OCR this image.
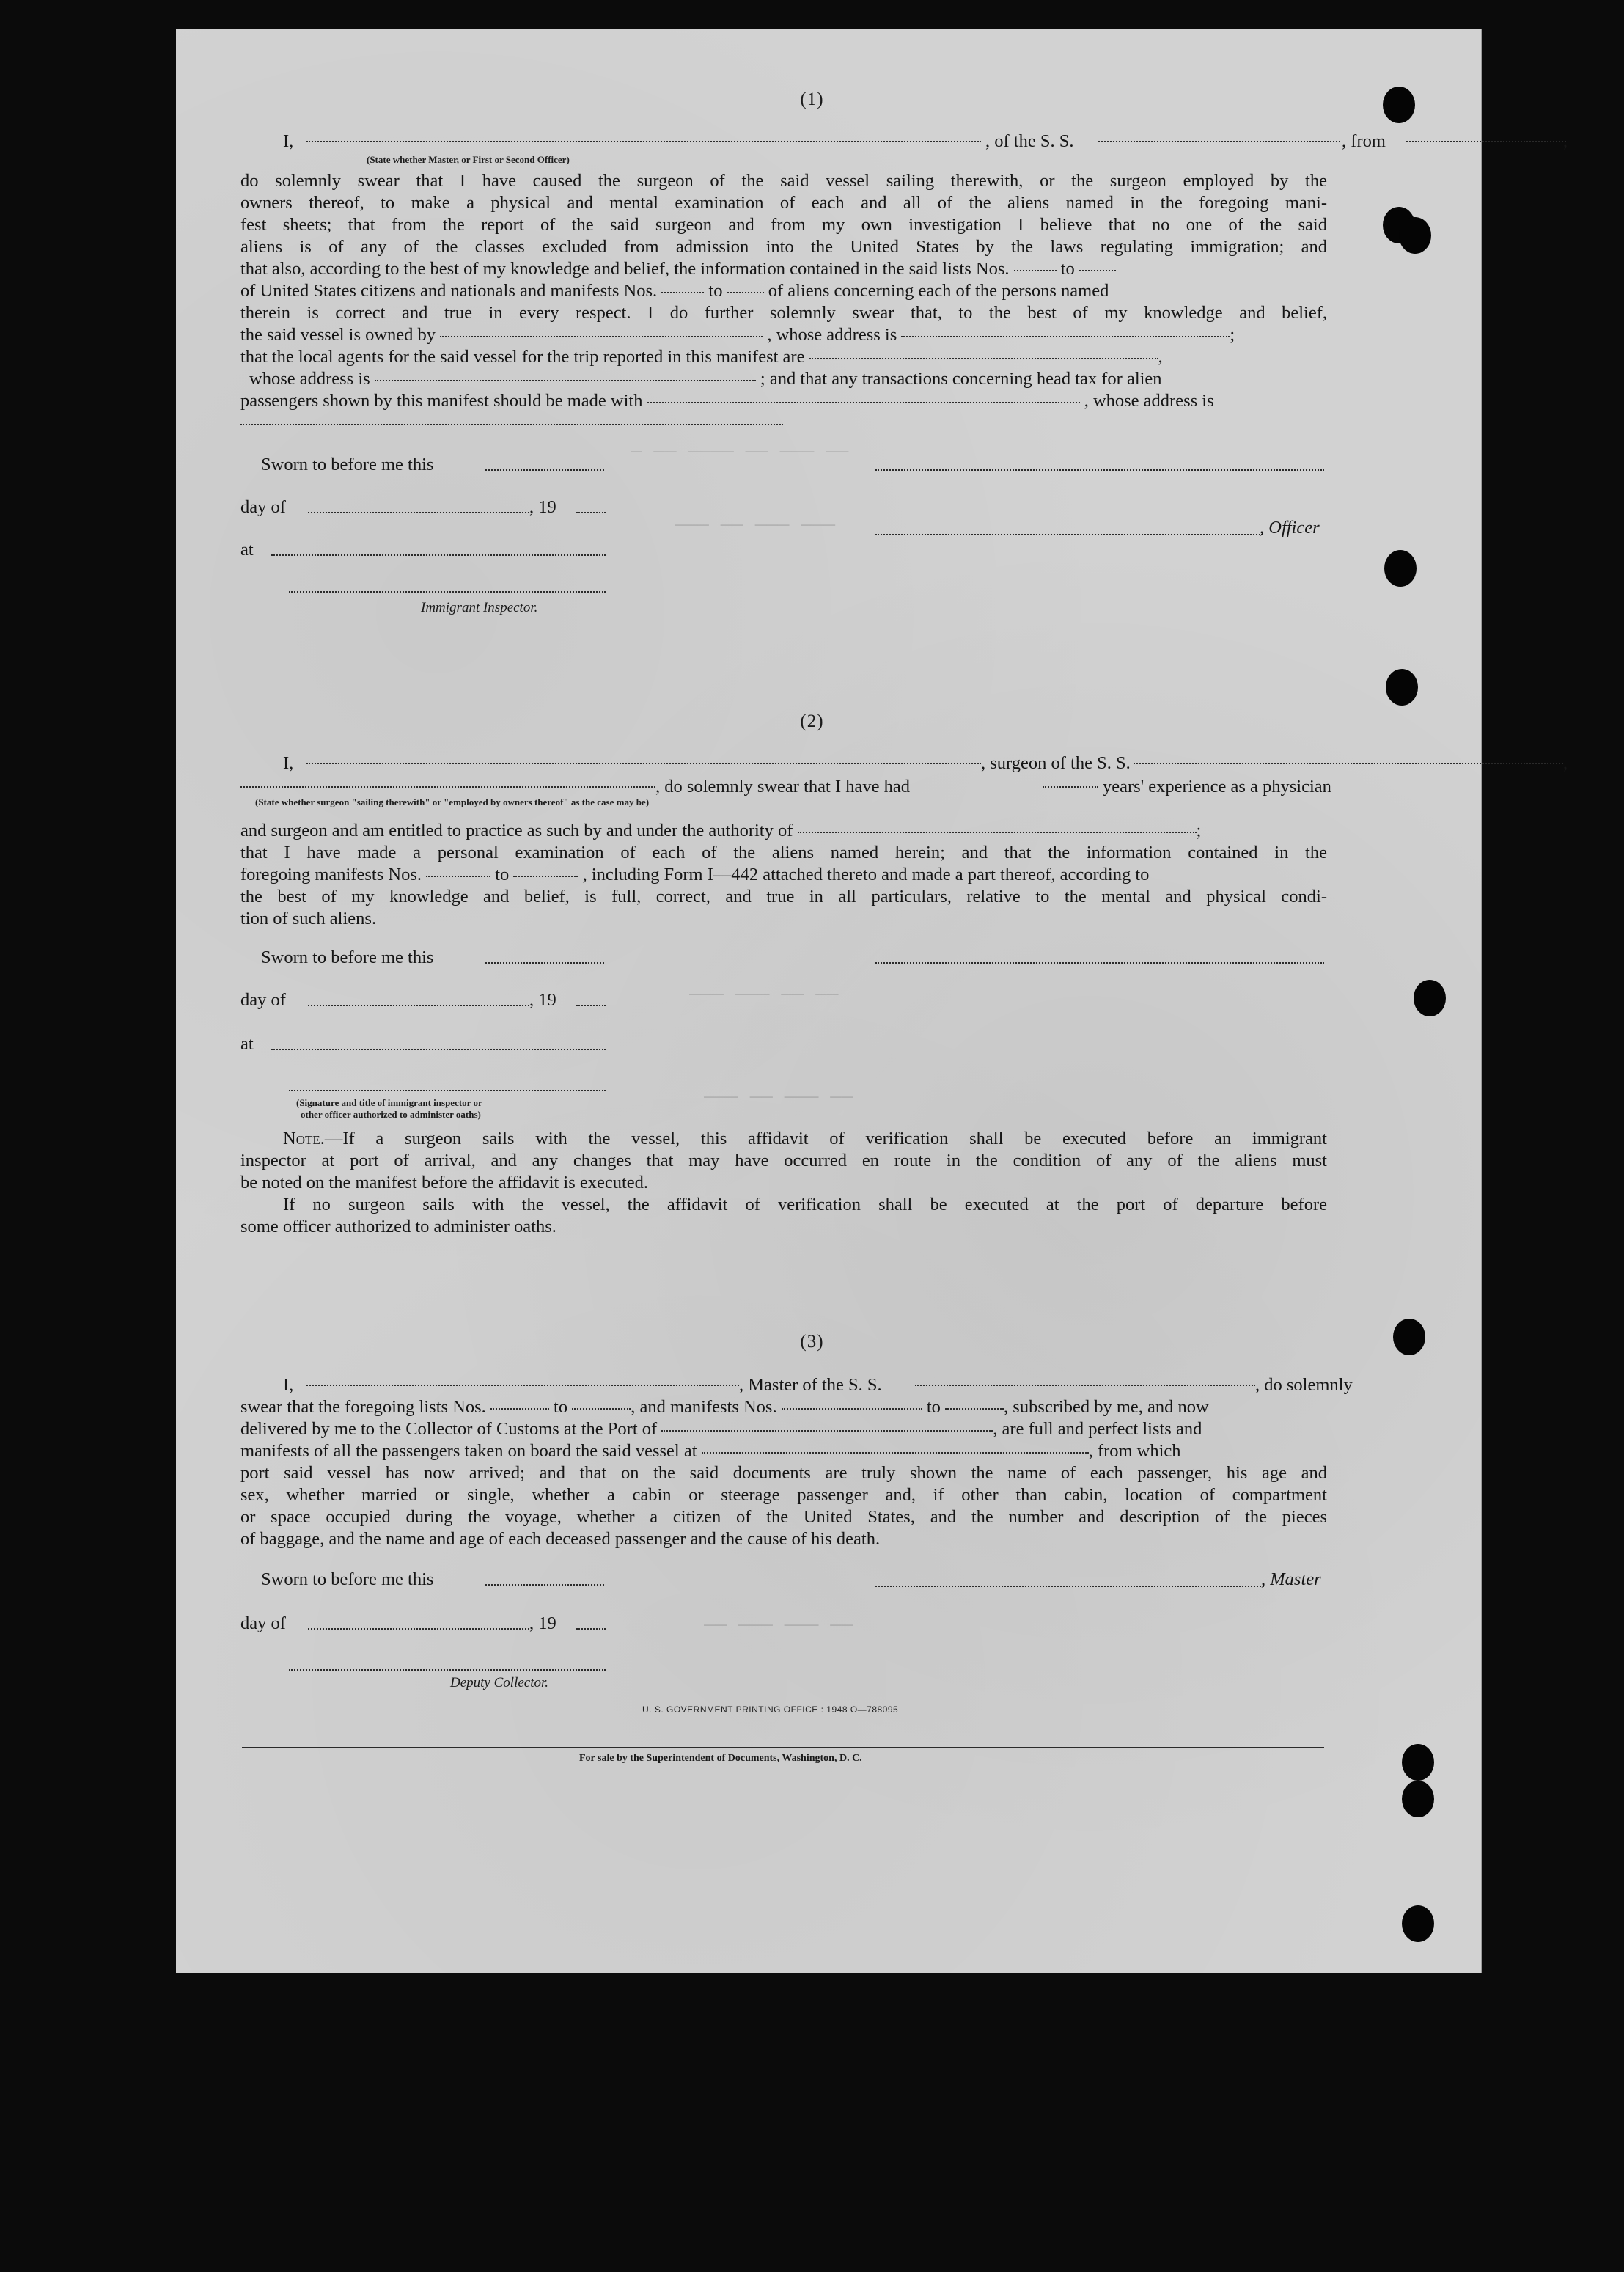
— —— ———— —— ——— ——
——— —— ——— ———
——— ——— —— ——
——— —— ——— ——
—— ——— ——— ——
(1)
I,	, of the S. S.	, from	,
(State whether Master, or First or Second Officer)
do solemnly swear that I have caused the surgeon of the said vessel sailing therewith, or the surgeon employed by the
owners thereof, to make a physical and mental examination of each and all of the aliens named in the foregoing mani-
fest sheets; that from the report of the said surgeon and from my own investigation I believe that no one of the said
aliens is of any of the classes excluded from admission into the United States by the laws regulating immigration; and
that also, according to the best of my knowledge and belief, the information contained in the said lists Nos.	to
of United States citizens and nationals and manifests Nos.	to	of aliens concerning each of the persons named
therein is correct and true in every respect. I do further solemnly swear that, to the best of my knowledge and belief,
the said vessel is owned by	, whose address is	;
that the local agents for the said vessel for the trip reported in this manifest are	,
whose address is	; and that any transactions concerning head tax for alien
passengers shown by this manifest should be made with	, whose address is
Sworn to before me this
day of	, 19
, Officer
at
Immigrant Inspector.
(2)
I,	, surgeon of the S. S.	,
, do solemnly swear that I have had	years' experience as a physician
(State whether surgeon "sailing therewith" or "employed by owners thereof" as the case may be)
and surgeon and am entitled to practice as such by and under the authority of	;
that I have made a personal examination of each of the aliens named herein; and that the information contained in the
foregoing manifests Nos.	to	, including Form I—442 attached thereto and made a part thereof, according to
the best of my knowledge and belief, is full, correct, and true in all particulars, relative to the mental and physical condi-
tion of such aliens.
Sworn to before me this
day of	, 19
at
(Signature and title of immigrant inspector or
other officer authorized to administer oaths)
Note.—If a surgeon sails with the vessel, this affidavit of verification shall be executed before an immigrant
inspector at port of arrival, and any changes that may have occurred en route in the condition of any of the aliens must
be noted on the manifest before the affidavit is executed.
If no surgeon sails with the vessel, the affidavit of verification shall be executed at the port of departure before
some officer authorized to administer oaths.
(3)
I,	, Master of the S. S.	, do solemnly
swear that the foregoing lists Nos.	to	, and manifests Nos.	to	, subscribed by me, and now
delivered by me to the Collector of Customs at the Port of	, are full and perfect lists and
manifests of all the passengers taken on board the said vessel at	, from which
port said vessel has now arrived; and that on the said documents are truly shown the name of each passenger, his age and
sex, whether married or single, whether a cabin or steerage passenger and, if other than cabin, location of compartment
or space occupied during the voyage, whether a citizen of the United States, and the number and description of the pieces
of baggage, and the name and age of each deceased passenger and the cause of his death.
Sworn to before me this	, Master
day of	, 19
Deputy Collector.
U. S. GOVERNMENT PRINTING OFFICE : 1948 O—788095
For sale by the Superintendent of Documents, Washington, D. C.
